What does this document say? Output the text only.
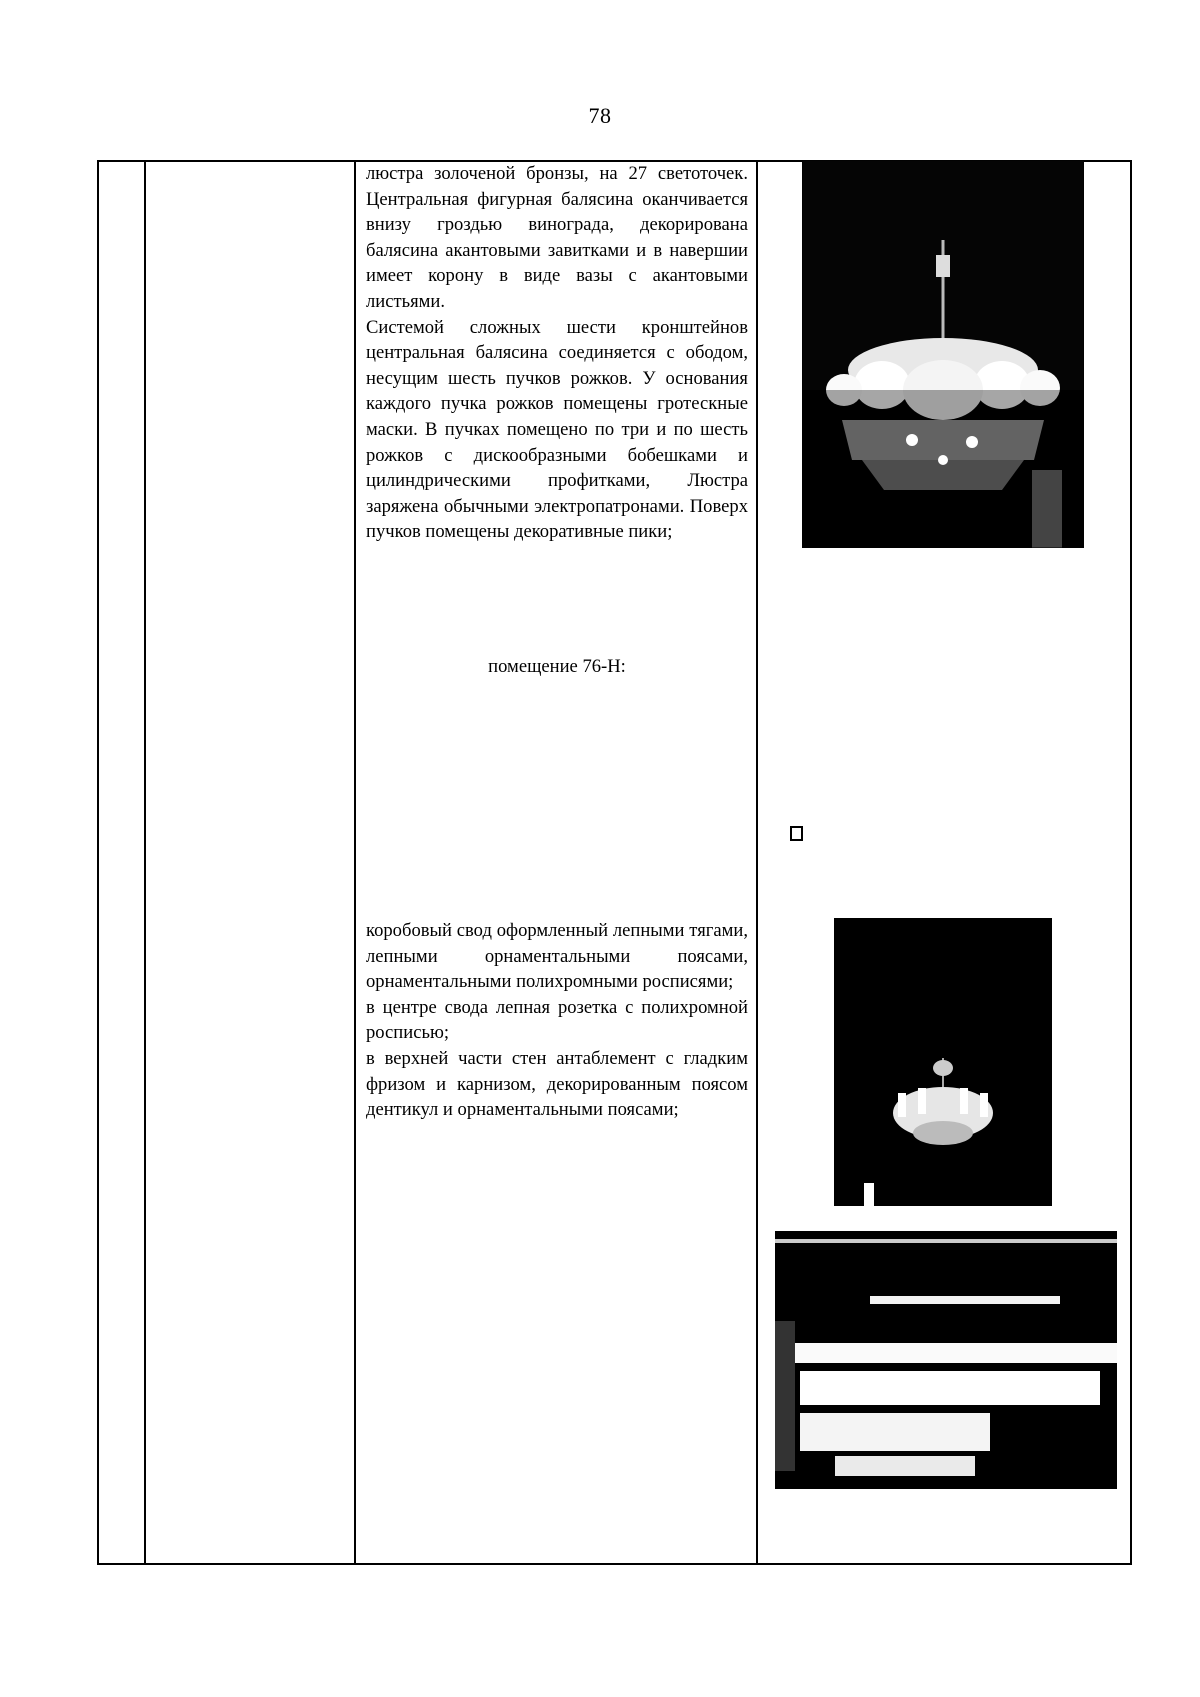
78

люстра золоченой бронзы, на 27 светоточек. Центральная фигурная балясина оканчивается внизу гроздью винограда, декорирована балясина акантовыми завитками и в навершии имеет корону в виде вазы с акантовыми листьями.

Системой сложных шести кронштейнов центральная балясина соединяется с ободом, несущим шесть пучков рожков. У основания каждого пучка рожков помещены гротескные маски. В пучках помещено по три и по шесть рожков с дискообразными бобешками и цилиндрическими профитками, Люстра заряжена обычными электропатронами. Поверх пучков помещены декоративные пики;

помещение 76-Н:

коробовый свод оформленный лепными тягами, лепными орнаментальными поясами, орнаментальными полихромными росписями;

в центре свода лепная розетка с полихромной росписью;

в верхней части стен антаблемент с гладким фризом и карнизом, декорированным поясом дентикул и орнаментальными поясами;
